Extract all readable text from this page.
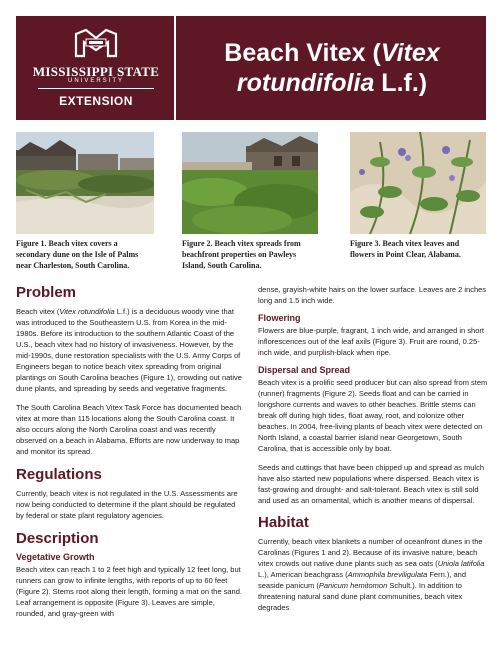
MISSISSIPPI STATE
UNIVERSITY
EXTENSION
Beach Vitex (Vitex rotundifolia L.f.)
Figure 1. Beach vitex covers a secondary dune on the Isle of Palms near Charleston, South Carolina.
Figure 2. Beach vitex spreads from beachfront properties on Pawleys Island, South Carolina.
Figure 3. Beach vitex leaves and flowers in Point Clear, Alabama.
Problem
Beach vitex (Vitex rotundifolia L.f.) is a deciduous woody vine that was introduced to the Southeastern U.S. from Korea in the mid-1980s. Before its introduction to the southern Atlantic Coast of the U.S., beach vitex had no history of invasiveness. However, by the mid-1990s, dune restoration specialists with the U.S. Army Corps of Engineers began to notice beach vitex spreading from original plantings on South Carolina beaches (Figure 1), crowding out native dune plants, and spreading by seeds and vegetative fragments.
The South Carolina Beach Vitex Task Force has documented beach vitex at more than 115 locations along the South Carolina coast. It also occurs along the North Carolina coast and was recently observed on a beach in Alabama. Efforts are now underway to map and monitor its spread.
Regulations
Currently, beach vitex is not regulated in the U.S. Assessments are now being conducted to determine if the plant should be regulated by federal or state plant regulatory agencies.
Description
Vegetative Growth
Beach vitex can reach 1 to 2 feet high and typically 12 feet long, but runners can grow to infinite lengths, with reports of up to 60 feet (Figure 2). Stems root along their length, forming a mat on the sand. Leaf arrangement is opposite (Figure 3). Leaves are simple, rounded, and gray-green with
dense, grayish-white hairs on the lower surface. Leaves are 2 inches long and 1.5 inch wide.
Flowering
Flowers are blue-purple, fragrant, 1 inch wide, and arranged in short inflorescences out of the leaf axils (Figure 3). Fruit are round, 0.25-inch wide, and purplish-black when ripe.
Dispersal and Spread
Beach vitex is a prolific seed producer but can also spread from stem (runner) fragments (Figure 2). Seeds float and can be carried in longshore currents and waves to other beaches. Brittle stems can break off during high tides, float away, root, and colonize other beaches. In 2004, free-living plants of beach vitex were detected on North Island, a coastal barrier island near Georgetown, South Carolina, that is accessible only by boat.
Seeds and cuttings that have been chipped up and spread as mulch have also started new populations where dispersed. Beach vitex is fast-growing and drought- and salt-tolerant. Beach vitex is still sold and used as an ornamental, which is another means of dispersal.
Habitat
Currently, beach vitex blankets a number of oceanfront dunes in the Carolinas (Figures 1 and 2). Because of its invasive nature, beach vitex crowds out native dune plants such as sea oats (Uniola latifolia L.), American beachgrass (Ammophila breviligulata Fern.), and seaside panicum (Panicum hemitomon Schult.). In addition to threatening natural sand dune plant communities, beach vitex degrades
